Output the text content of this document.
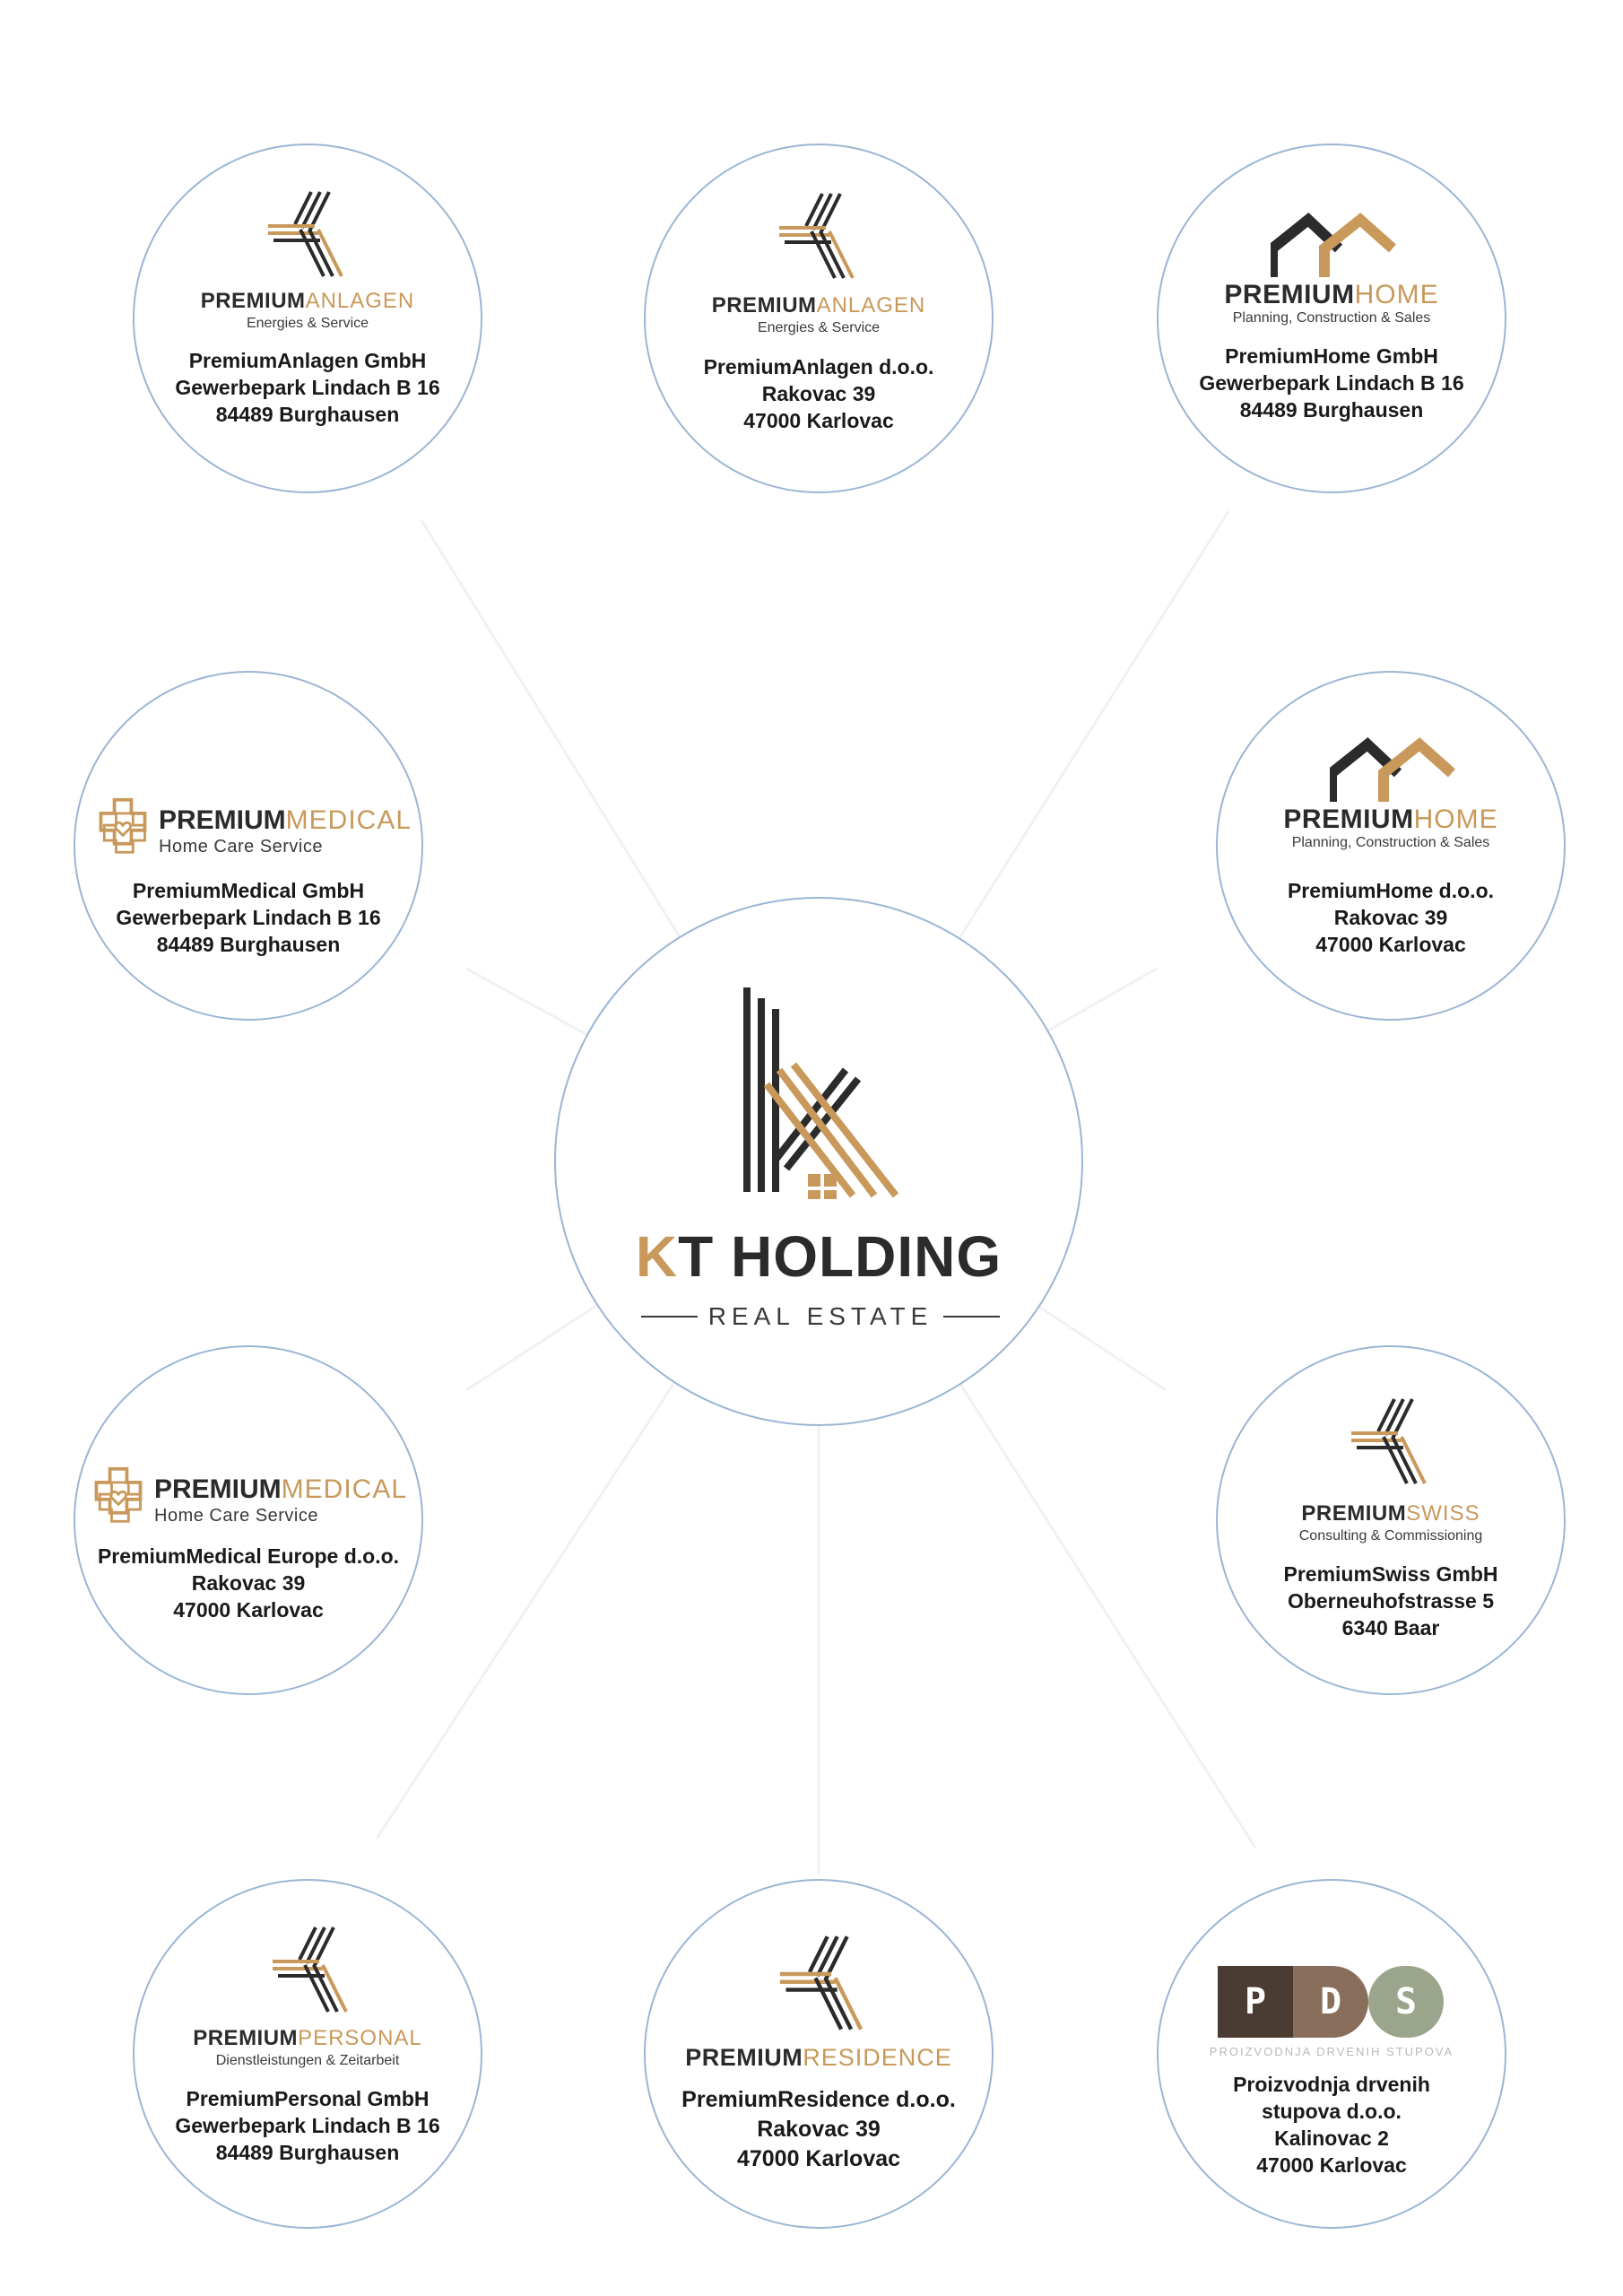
KT HOLDING
REAL ESTATE
PREMIUMANLAGEN
Energies & Service
PremiumAnlagen GmbH
Gewerbepark Lindach B 16
84489 Burghausen
PREMIUMANLAGEN
Energies & Service
PremiumAnlagen d.o.o.
Rakovac 39
47000 Karlovac
PREMIUMHOME
Planning, Construction & Sales
PremiumHome GmbH
Gewerbepark Lindach B 16
84489 Burghausen
PREMIUMMEDICAL
Home Care Service
PremiumMedical GmbH
Gewerbepark Lindach B 16
84489 Burghausen
PREMIUMHOME
Planning, Construction & Sales
PremiumHome d.o.o.
Rakovac 39
47000 Karlovac
PREMIUMMEDICAL
Home Care Service
PremiumMedical Europe d.o.o.
Rakovac 39
47000 Karlovac
PREMIUMSWISS
Consulting & Commissioning
PremiumSwiss GmbH
Oberneuhofstrasse 5
6340 Baar
PREMIUMPERSONAL
Dienstleistungen & Zeitarbeit
PremiumPersonal GmbH
Gewerbepark Lindach B 16
84489 Burghausen
PREMIUMRESIDENCE
PremiumResidence d.o.o.
Rakovac 39
47000 Karlovac
P	D	S
PROIZVODNJA DRVENIH STUPOVA
Proizvodnja drvenih
stupova d.o.o.
Kalinovac 2
47000 Karlovac
